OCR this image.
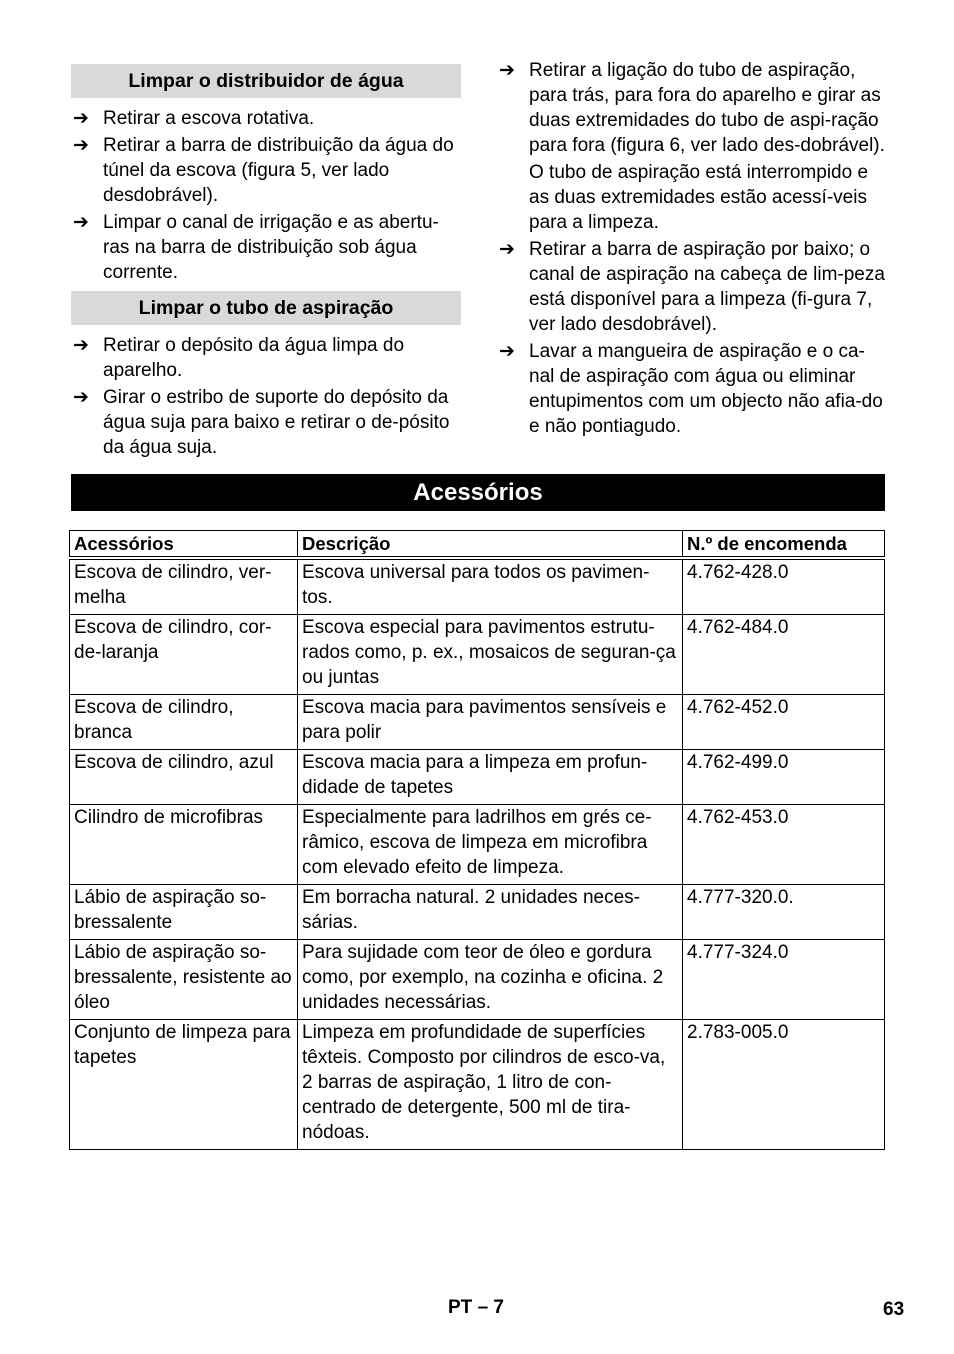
Limpar o distribuidor de água
➔ Retirar a escova rotativa.
➔ Retirar a barra de distribuição da água do túnel da escova (figura 5, ver lado desdobrável).
➔ Limpar o canal de irrigação e as abertu-ras na barra de distribuição sob água corrente.
Limpar o tubo de aspiração
➔ Retirar o depósito da água limpa do aparelho.
➔ Girar o estribo de suporte do depósito da água suja para baixo e retirar o de-pósito da água suja.
➔ Retirar a ligação do tubo de aspiração, para trás, para fora do aparelho e girar as duas extremidades do tubo de aspi-ração para fora (figura 6, ver lado des-dobrável).
O tubo de aspiração está interrompido e as duas extremidades estão acessí-veis para a limpeza.
➔ Retirar a barra de aspiração por baixo; o canal de aspiração na cabeça de lim-peza está disponível para a limpeza (fi-gura 7, ver lado desdobrável).
➔ Lavar a mangueira de aspiração e o ca-nal de aspiração com água ou eliminar entupimentos com um objecto não afia-do e não pontiagudo.
Acessórios
Acessórios	Descrição	N.º de encomenda
Escova de cilindro, ver-melha	Escova universal para todos os pavimen-tos.	4.762-428.0
Escova de cilindro, cor-de-laranja	Escova especial para pavimentos estrutu-rados como, p. ex., mosaicos de seguran-ça ou juntas	4.762-484.0
Escova de cilindro, branca	Escova macia para pavimentos sensíveis e para polir	4.762-452.0
Escova de cilindro, azul	Escova macia para a limpeza em profun-didade de tapetes	4.762-499.0
Cilindro de microfibras	Especialmente para ladrilhos em grés ce-râmico, escova de limpeza em microfibra com elevado efeito de limpeza.	4.762-453.0
Lábio de aspiração so-bressalente	Em borracha natural. 2 unidades neces-sárias.	4.777-320.0.
Lábio de aspiração so-bressalente, resistente ao óleo	Para sujidade com teor de óleo e gordura como, por exemplo, na cozinha e oficina. 2 unidades necessárias.	4.777-324.0
Conjunto de limpeza para tapetes	Limpeza em profundidade de superfícies têxteis. Composto por cilindros de esco-va, 2 barras de aspiração, 1 litro de con-centrado de detergente, 500 ml de tira-nódoas.	2.783-005.0
PT – 7	63
